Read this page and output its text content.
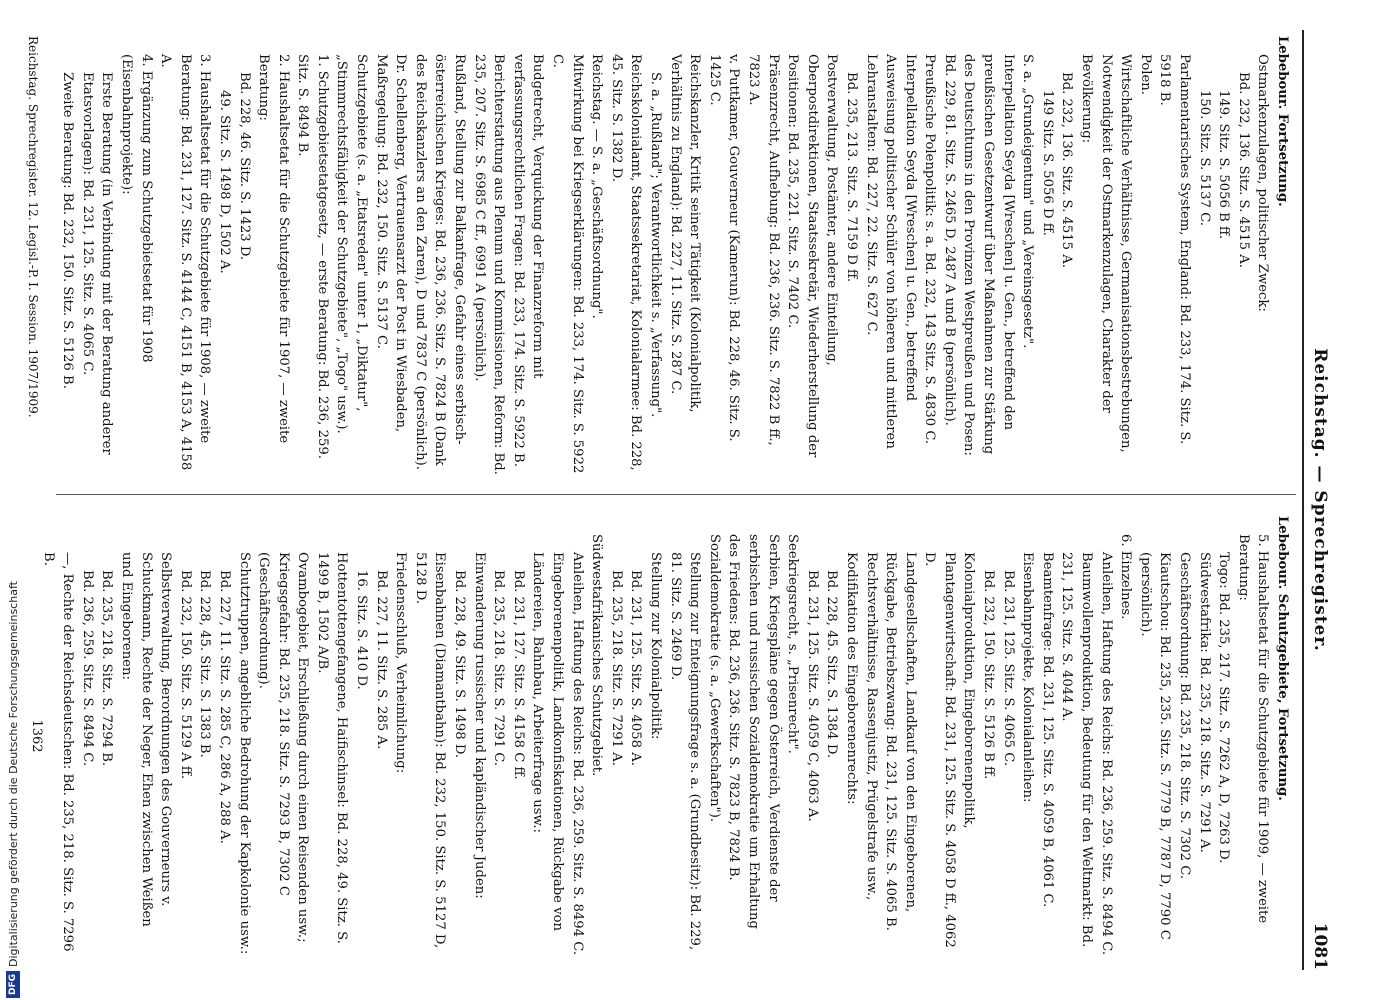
Reichstag. — Sprechregister.
1081

Lebebour. Fortsetzung.

Ostmarkenzulagen, politischer Zweck:

Bd. 232, 136. Sitz. S. 4515 A.

149. Sitz. S. 5056 B ff.

150. Sitz. S. 5137 C.

Parlamentarisches System, England: Bd. 233, 174. Sitz. S. 5918 B.

Polen.

Wirtschaftliche Verhältnisse, Germanisationsbestrebungen, Notwendigkeit der Ostmarkenzulagen, Charakter der Bevölkerung:

Bd. 232, 136. Sitz. S. 4515 A.

149 Sitz. S. 5056 D ff.

S. a. „Grundeigentum" und „Vereinsgesetz".

Interpellation Seyda [Wreschen] u. Gen., betreffend den preußischen Gesetzentwurf über Maßnahmen zur Stärkung des Deutschtums in den Provinzen Westpreußen und Posen: Bd. 229, 81. Sitz. S. 2465 D, 2487 A und B (persönlich).

Preußische Polenpolitik: s. a. Bd. 232, 143 Sitz. S. 4830 C.

Interpellation Seyda [Wreschen] u. Gen., betreffend Ausweisung politischer Schüler von höheren und mittleren Lehranstalten: Bd. 227, 22. Sitz. S. 627 C.

Bd. 235, 213. Sitz. S. 7159 D ff.

Postverwaltung, Postämter, andere Einteilung, Oberpostdirektionen, Staatssekretär, Wiederherstellung der Positionen: Bd. 235, 221. Sitz. S. 7402 C.

Präsenzrecht, Aufhebung: Bd. 236, 236. Sitz. S. 7822 B ff., 7823 A.

v. Puttkamer, Gouverneur (Kamerun): Bd. 228, 46. Sitz. S. 1425 C.

Reichskanzler, Kritik seiner Tätigkeit (Kolonialpolitik, Verhältnis zu England): Bd. 227, 11. Sitz. S. 287 C.

S. a. „Rußland"; Verantwortlichkeit s. „Verfassung".

Reichskolonialamt, Staatssekretariat, Kolonialarmee: Bd. 228, 45. Sitz. S. 1382 D.

Reichstag. — S. a. „Geschäftsordnung".

Mitwirkung bei Kriegserklärungen: Bd. 233, 174. Sitz. S. 5922 C.

Budgetrecht, Verquickung der Finanzreform mit verfassungsrechtlichen Fragen: Bd. 233, 174. Sitz. S. 5922 B.

Berichterstattung aus Plenum und Kommissionen, Reform: Bd. 235, 207. Sitz. S. 6985 C ff., 6991 A (persönlich).

Rußland, Stellung zur Balkanfrage, Gefahr eines serbisch-österreichischen Krieges: Bd. 236, 236. Sitz. S. 7824 B (Dank des Reichskanzlers an den Zaren), D und 7837 C (persönlich).

Dr. Schellenberg, Vertrauensarzt der Post in Wiesbaden, Maßregelung: Bd. 232, 150. Sitz. S. 5137 C.

Schutzgebiete (s. a. „Etatsreden" unter 1, „Diktatur", „Stimmrechtsfähigkeit der Schutzgebiete", „Togo" usw.).

1. Schutzgebietsetatgesetz, — erste Beratung: Bd. 236, 259. Sitz. S. 8494 B.

2. Haushaltsetat für die Schutzgebiete für 1907, — zweite Beratung:

Bd. 228, 46. Sitz. S. 1423 D.

49. Sitz. S. 1498 D, 1502 A.

3. Haushaltsetat für die Schutzgebiete für 1908, — zweite Beratung: Bd. 231, 127. Sitz. S. 4144 C, 4151 B, 4153 A, 4158 A.

4. Ergänzung zum Schutzgebietsetat für 1908 (Eisenbahnprojekte):

Erste Beratung (in Verbindung mit der Beratung anderer Etatsvorlagen): Bd. 231, 125. Sitz. S. 4065 C.

Zweite Beratung: Bd. 232, 150. Sitz. S. 5126 B.

Lebebour. Schutzgebiete, Fortsetzung.

5. Haushaltsetat für die Schutzgebiete für 1909, — zweite Beratung:

Togo: Bd. 235, 217. Sitz. S. 7262 A, D, 7263 D.

Südwestafrika: Bd. 235, 218. Sitz. S. 7291 A.

Geschäftsordnung: Bd. 235, 218. Sitz. S. 7302 C.

Kiautschou: Bd. 235, 235. Sitz. S. 7779 B, 7787 D, 7790 C (persönlich).

6. Einzelnes.

Anleihen, Haftung des Reichs: Bd. 236, 259. Sitz. S. 8494 C.

Baumwollenproduktion, Bedeutung für den Weltmarkt: Bd. 231, 125. Sitz. S. 4044 A.

Beamtenfrage: Bd. 231, 125. Sitz. S. 4059 B, 4061 C.

Eisenbahnprojekte, Kolonialanleihen:

Bd. 231, 125. Sitz. S. 4065 C.

Bd. 232, 150. Sitz. S. 5126 B ff.

Kolonialproduktion, Eingeborenenpolitik, Plantagenwirtschaft: Bd. 231, 125. Sitz. S. 4058 D ff., 4062 D.

Landgesellschaften, Landkauf von den Eingeborenen, Rückgabe, Betriebszwang: Bd. 231, 125. Sitz. S. 4065 B.

Rechtsverhältnisse, Rassenjustiz, Prügelstrafe usw., Kodifikation des Eingeborenenrechts:

Bd. 228, 45. Sitz. S. 1384 D.

Bd. 231, 125. Sitz. S. 4059 C, 4063 A.

Seekriegsrecht, s. „Prisenrecht".

Serbien, Kriegspläne gegen Österreich, Verdienste der serbischen und russischen Sozialdemokratie um Erhaltung des Friedens: Bd. 236, 236. Sitz. S. 7823 B, 7824 B.

Sozialdemokratie (s. a. „Gewerkschaften").

Stellung zur Enteignungsfrage s. a. (Grundbesitz): Bd. 229, 81. Sitz. S. 2469 D.

Stellung zur Kolonialpolitik:

Bd. 231, 125. Sitz. S. 4058 A.

Bd. 235, 218. Sitz. S. 7291 A.

Südwestafrikanisches Schutzgebiet.

Anleihen, Haftung des Reichs: Bd. 236, 259. Sitz. S. 8494 C.

Eingeborenenpolitik, Landkonfiskationen, Rückgabe von Ländereien, Bahnbau, Arbeiterfrage usw.:

Bd. 231, 127. Sitz. S. 4158 C ff.

Bd. 235, 218. Sitz. S. 7291 C.

Einwanderung russischer und kapländischer Juden:

Bd. 228, 49. Sitz. S. 1498 D.

Eisenbahnen (Diamantbahn): Bd. 232, 150. Sitz. S. 5127 D, 5128 D.

Friedensschluß, Verheimlichung:

Bd. 227, 11. Sitz. S. 285 A.

16. Sitz. S. 410 D.

Hottentottengefangene, Haifischinsel: Bd. 228, 49. Sitz. S. 1499 B, 1502 A/B.

Ovambogebiet, Erschließung durch einen Reisenden usw.; Kriegsgefahr: Bd. 235, 218. Sitz. S. 7293 B, 7302 C (Geschäftsordnung).

Schutztruppen, angebliche Bedrohung der Kapkolonie usw.:

Bd. 227, 11. Sitz. S. 285 C, 286 A, 288 A.

Bd. 228, 45. Sitz. S. 1383 B.

Bd. 232, 150. Sitz. S. 5129 A ff.

Selbstverwaltung, Berordnungen des Gouverneurs v. Schuckmann, Rechte der Neger, Ehen zwischen Weißen und Eingeborenen:

Bd. 235, 218. Sitz. S. 7294 B.

Bd. 236, 259. Sitz. S. 8494 C.

—, Rechte der Reichsdeutschen: Bd. 235, 218. Sitz. S. 7296 B.

Reichstag. Sprechregister. 12. Legisl.-P. I. Session. 1907/1909.
1362
DFG
Digitalisierung gefördert durch die Deutsche Forschungsgemeinschaft
